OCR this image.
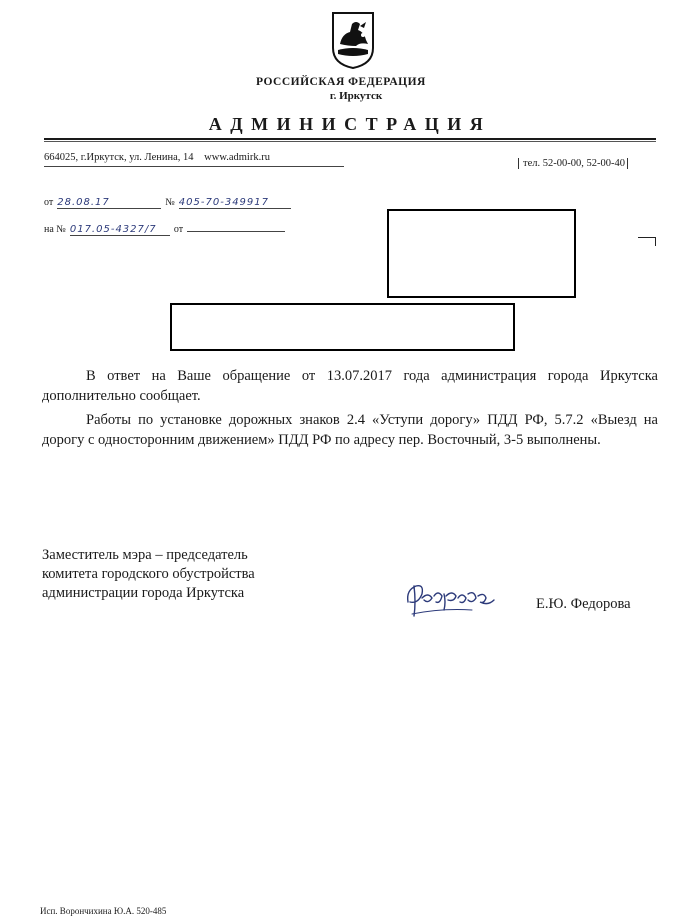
РОССИЙСКАЯ ФЕДЕРАЦИЯ
г. Иркутск
АДМИНИСТРАЦИЯ
664025, г.Иркутск, ул. Ленина, 14 www.admirk.ru
тел. 52-00-00, 52-00-40
от 28.08.17	№ 405-70-349917
на № 017.05-4327/7 от
В ответ на Ваше обращение от 13.07.2017 года администрация города Иркутска дополнительно сообщает.
Работы по установке дорожных знаков 2.4 «Уступи дорогу» ПДД РФ, 5.7.2 «Выезд на дорогу с односторонним движением» ПДД РФ по адресу пер. Восточный, 3-5 выполнены.
Заместитель мэра – председатель
комитета городского обустройства
администрации города Иркутска
Е.Ю. Федорова
Исп. Ворончихина Ю.А. 520-485
